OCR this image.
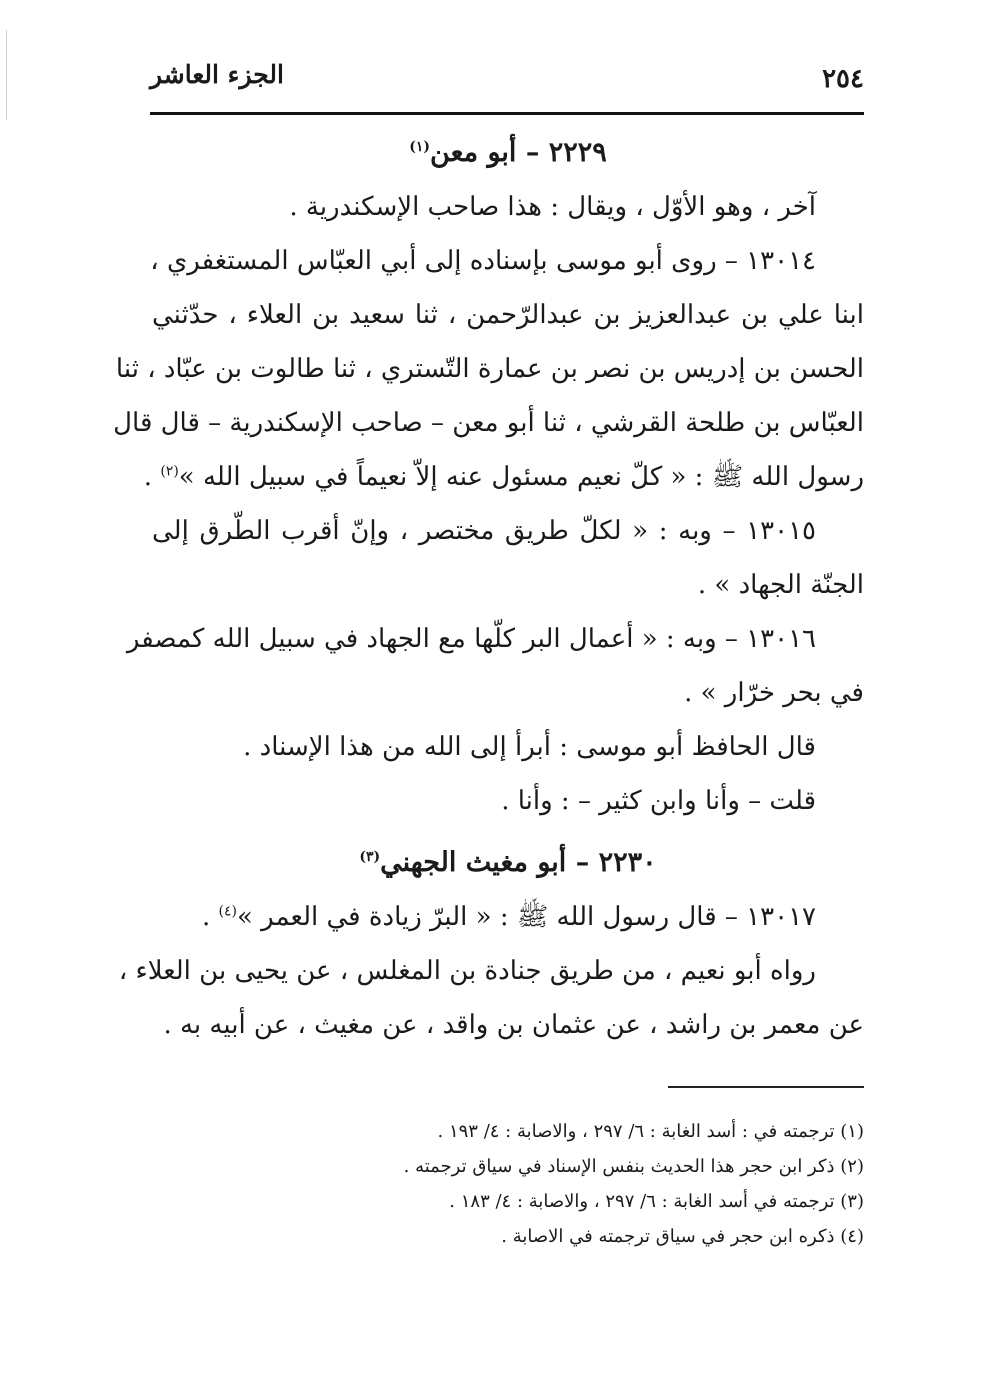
٢٥٤
الجزء العاشر
٢٢٢٩ – أبو معن$^{(١)}$
آخر ، وهو الأوّل ، ويقال : هذا صاحب الإسكندرية .
١٣٠١٤ – روى أبو موسى بإسناده إلى أبي العبّاس المستغفري ،
ابنا علي بن عبدالعزيز بن عبدالرّحمن ، ثنا سعيد بن العلاء ، حدّثني
الحسن بن إدريس بن نصر بن عمارة التّستري ، ثنا طالوت بن عبّاد ، ثنا
العبّاس بن طلحة القرشي ، ثنا أبو معن – صاحب الإسكندرية – قال قال
رسول الله ﷺ : « كلّ نعيم مسئول عنه إلاّ نعيماً في سبيل الله »$^{(٢)}$ .
١٣٠١٥ – وبه : « لكلّ طريق مختصر ، وإنّ أقرب الطّرق إلى
الجنّة الجهاد » .
١٣٠١٦ – وبه : « أعمال البر كلّها مع الجهاد في سبيل الله كمصفر
في بحر خرّار » .
قال الحافظ أبو موسى : أبرأ إلى الله من هذا الإسناد .
قلت – وأنا وابن كثير – : وأنا .
٢٢٣٠ – أبو مغيث الجهني$^{(٣)}$
١٣٠١٧ – قال رسول الله ﷺ : « البرّ زيادة في العمر »$^{(٤)}$ .
رواه أبو نعيم ، من طريق جنادة بن المغلس ، عن يحيى بن العلاء ،
عن معمر بن راشد ، عن عثمان بن واقد ، عن مغيث ، عن أبيه به .
(١) ترجمته في : أسد الغابة : ٦/ ٢٩٧ ، والاصابة : ٤/ ١٩٣ .
(٢) ذكر ابن حجر هذا الحديث بنفس الإسناد في سياق ترجمته .
(٣) ترجمته في أسد الغابة : ٦/ ٢٩٧ ، والاصابة : ٤/ ١٨٣ .
(٤) ذكره ابن حجر في سياق ترجمته في الاصابة .
